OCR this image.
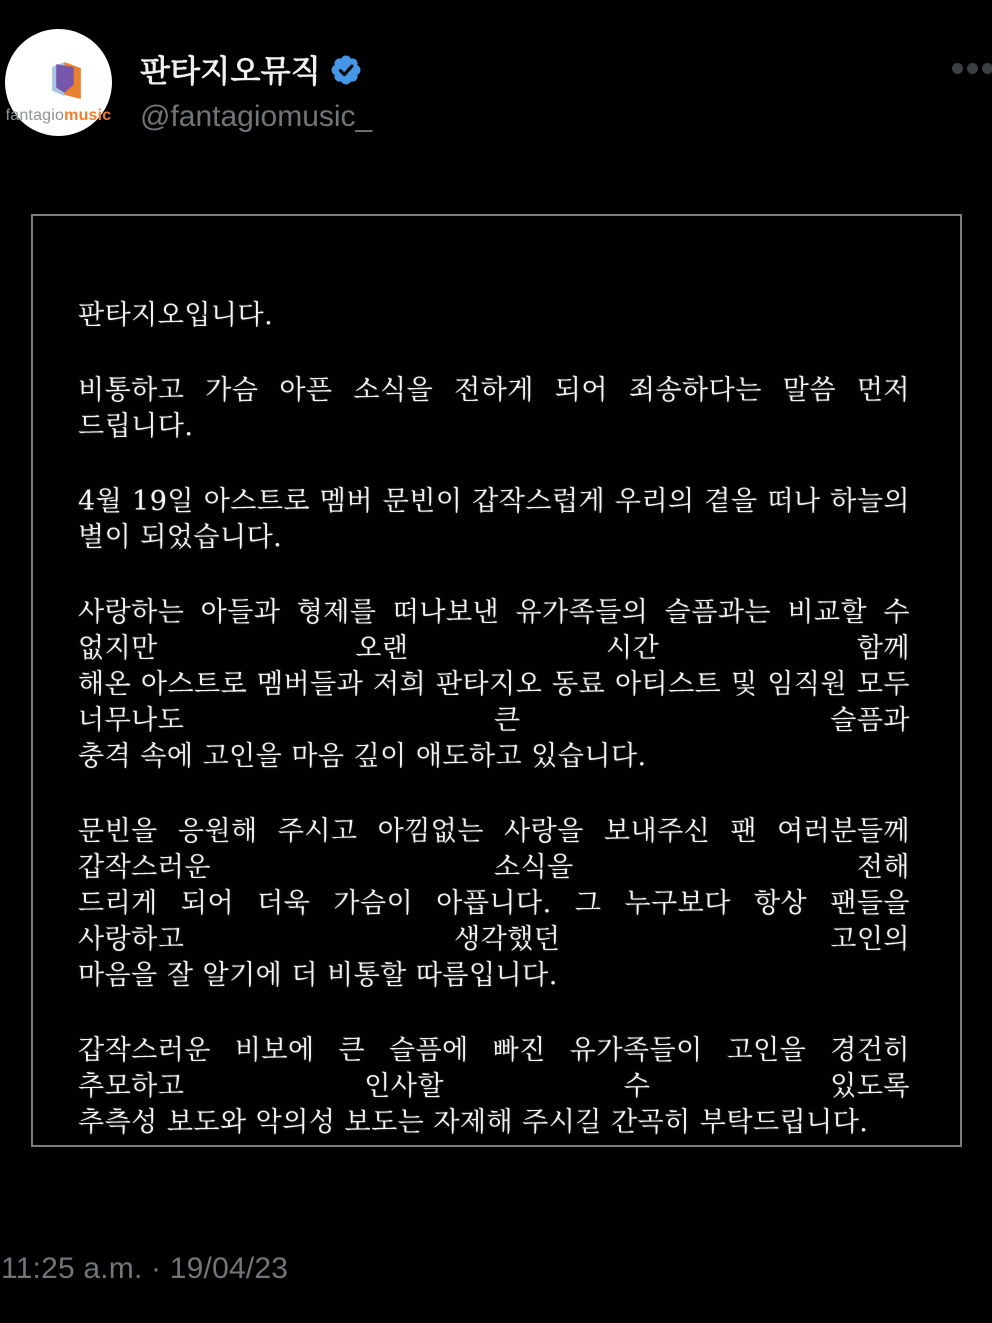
fantagiomusic
판타지오뮤직
@fantagiomusic_
판타지오입니다.
비통하고 가슴 아픈 소식을 전하게 되어 죄송하다는 말씀 먼저 드립니다.
4월 19일 아스트로 멤버 문빈이 갑작스럽게 우리의 곁을 떠나 하늘의 별이 되었습니다.
사랑하는 아들과 형제를 떠나보낸 유가족들의 슬픔과는 비교할 수 없지만 오랜 시간 함께
해온 아스트로 멤버들과 저희 판타지오 동료 아티스트 및 임직원 모두 너무나도 큰 슬픔과
충격 속에 고인을 마음 깊이 애도하고 있습니다.
문빈을 응원해 주시고 아낌없는 사랑을 보내주신 팬 여러분들께 갑작스러운 소식을 전해
드리게 되어 더욱 가슴이 아픕니다. 그 누구보다 항상 팬들을 사랑하고 생각했던 고인의
마음을 잘 알기에 더 비통할 따름입니다.
갑작스러운 비보에 큰 슬픔에 빠진 유가족들이 고인을 경건히 추모하고 인사할 수 있도록
추측성 보도와 악의성 보도는 자제해 주시길 간곡히 부탁드립니다.
11:25 a.m. · 19/04/23
